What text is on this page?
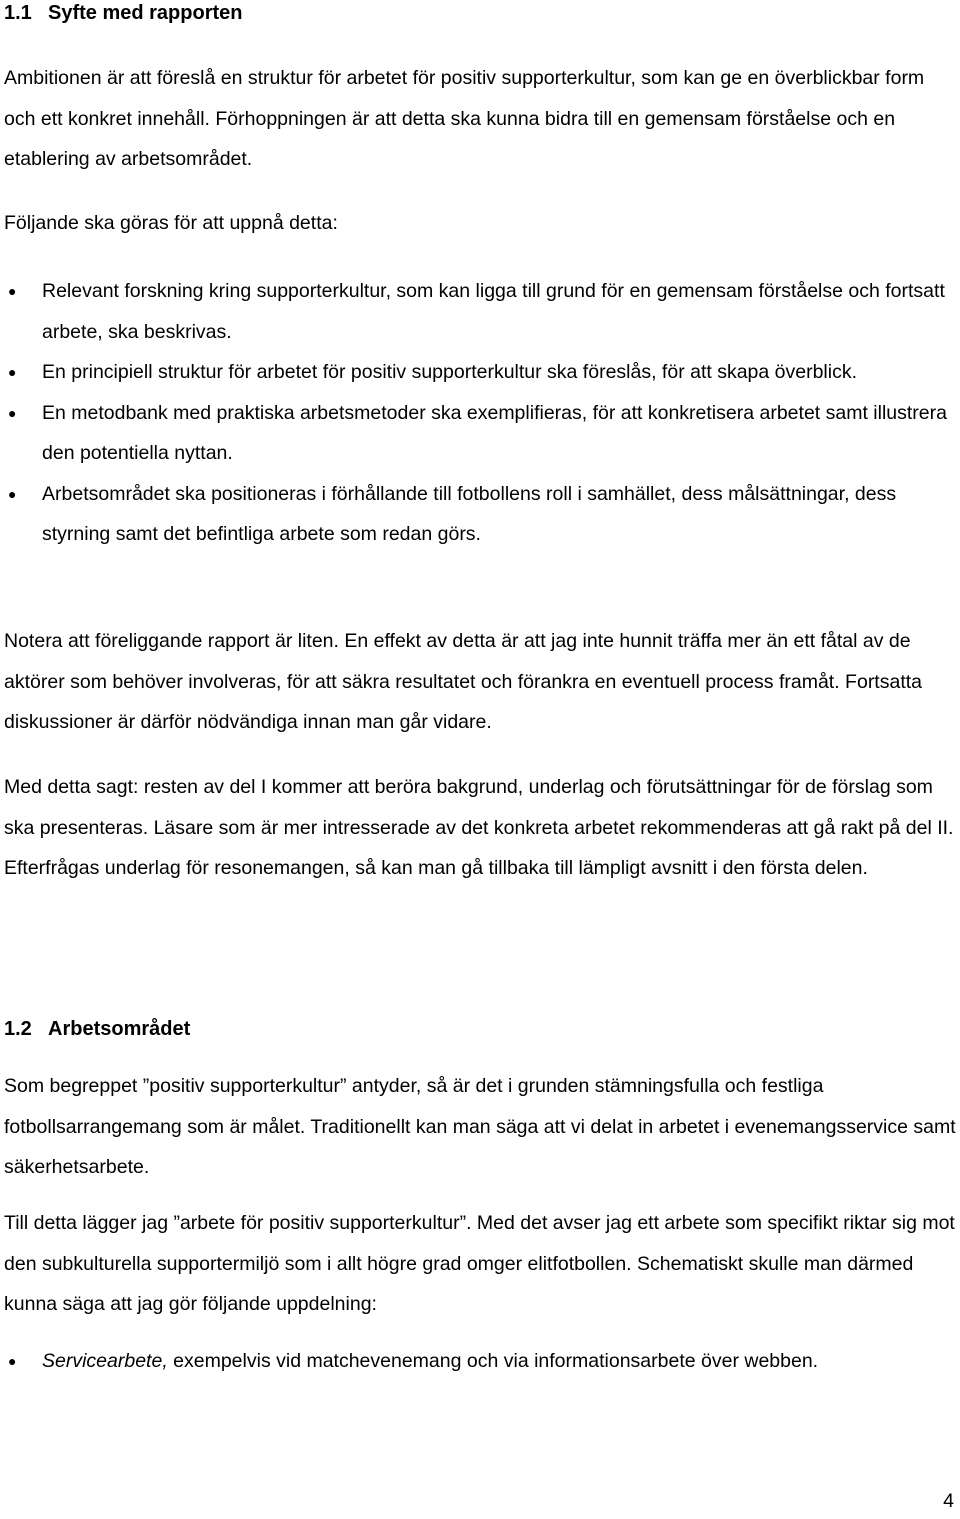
1.1 Syfte med rapporten

Ambitionen är att föreslå en struktur för arbetet för positiv supporterkultur, som kan ge en överblickbar form och ett konkret innehåll. Förhoppningen är att detta ska kunna bidra till en gemensam förståelse och en etablering av arbetsområdet.

Följande ska göras för att uppnå detta:

● Relevant forskning kring supporterkultur, som kan ligga till grund för en gemensam förståelse och fortsatt arbete, ska beskrivas.
● En principiell struktur för arbetet för positiv supporterkultur ska föreslås, för att skapa överblick.
● En metodbank med praktiska arbetsmetoder ska exemplifieras, för att konkretisera arbetet samt illustrera den potentiella nyttan.
● Arbetsområdet ska positioneras i förhållande till fotbollens roll i samhället, dess målsättningar, dess styrning samt det befintliga arbete som redan görs.

Notera att föreliggande rapport är liten. En effekt av detta är att jag inte hunnit träffa mer än ett fåtal av de aktörer som behöver involveras, för att säkra resultatet och förankra en eventuell process framåt. Fortsatta diskussioner är därför nödvändiga innan man går vidare.

Med detta sagt: resten av del I kommer att beröra bakgrund, underlag och förutsättningar för de förslag som ska presenteras. Läsare som är mer intresserade av det konkreta arbetet rekommenderas att gå rakt på del II. Efterfrågas underlag för resonemangen, så kan man gå tillbaka till lämpligt avsnitt i den första delen.

1.2 Arbetsområdet

Som begreppet ”positiv supporterkultur” antyder, så är det i grunden stämningsfulla och festliga fotbollsarrangemang som är målet. Traditionellt kan man säga att vi delat in arbetet i evenemangsservice samt säkerhetsarbete.

Till detta lägger jag ”arbete för positiv supporterkultur”. Med det avser jag ett arbete som specifikt riktar sig mot den subkulturella supportermiljö som i allt högre grad omger elitfotbollen. Schematiskt skulle man därmed kunna säga att jag gör följande uppdelning:

● Servicearbete, exempelvis vid matchevenemang och via informationsarbete över webben.
4
